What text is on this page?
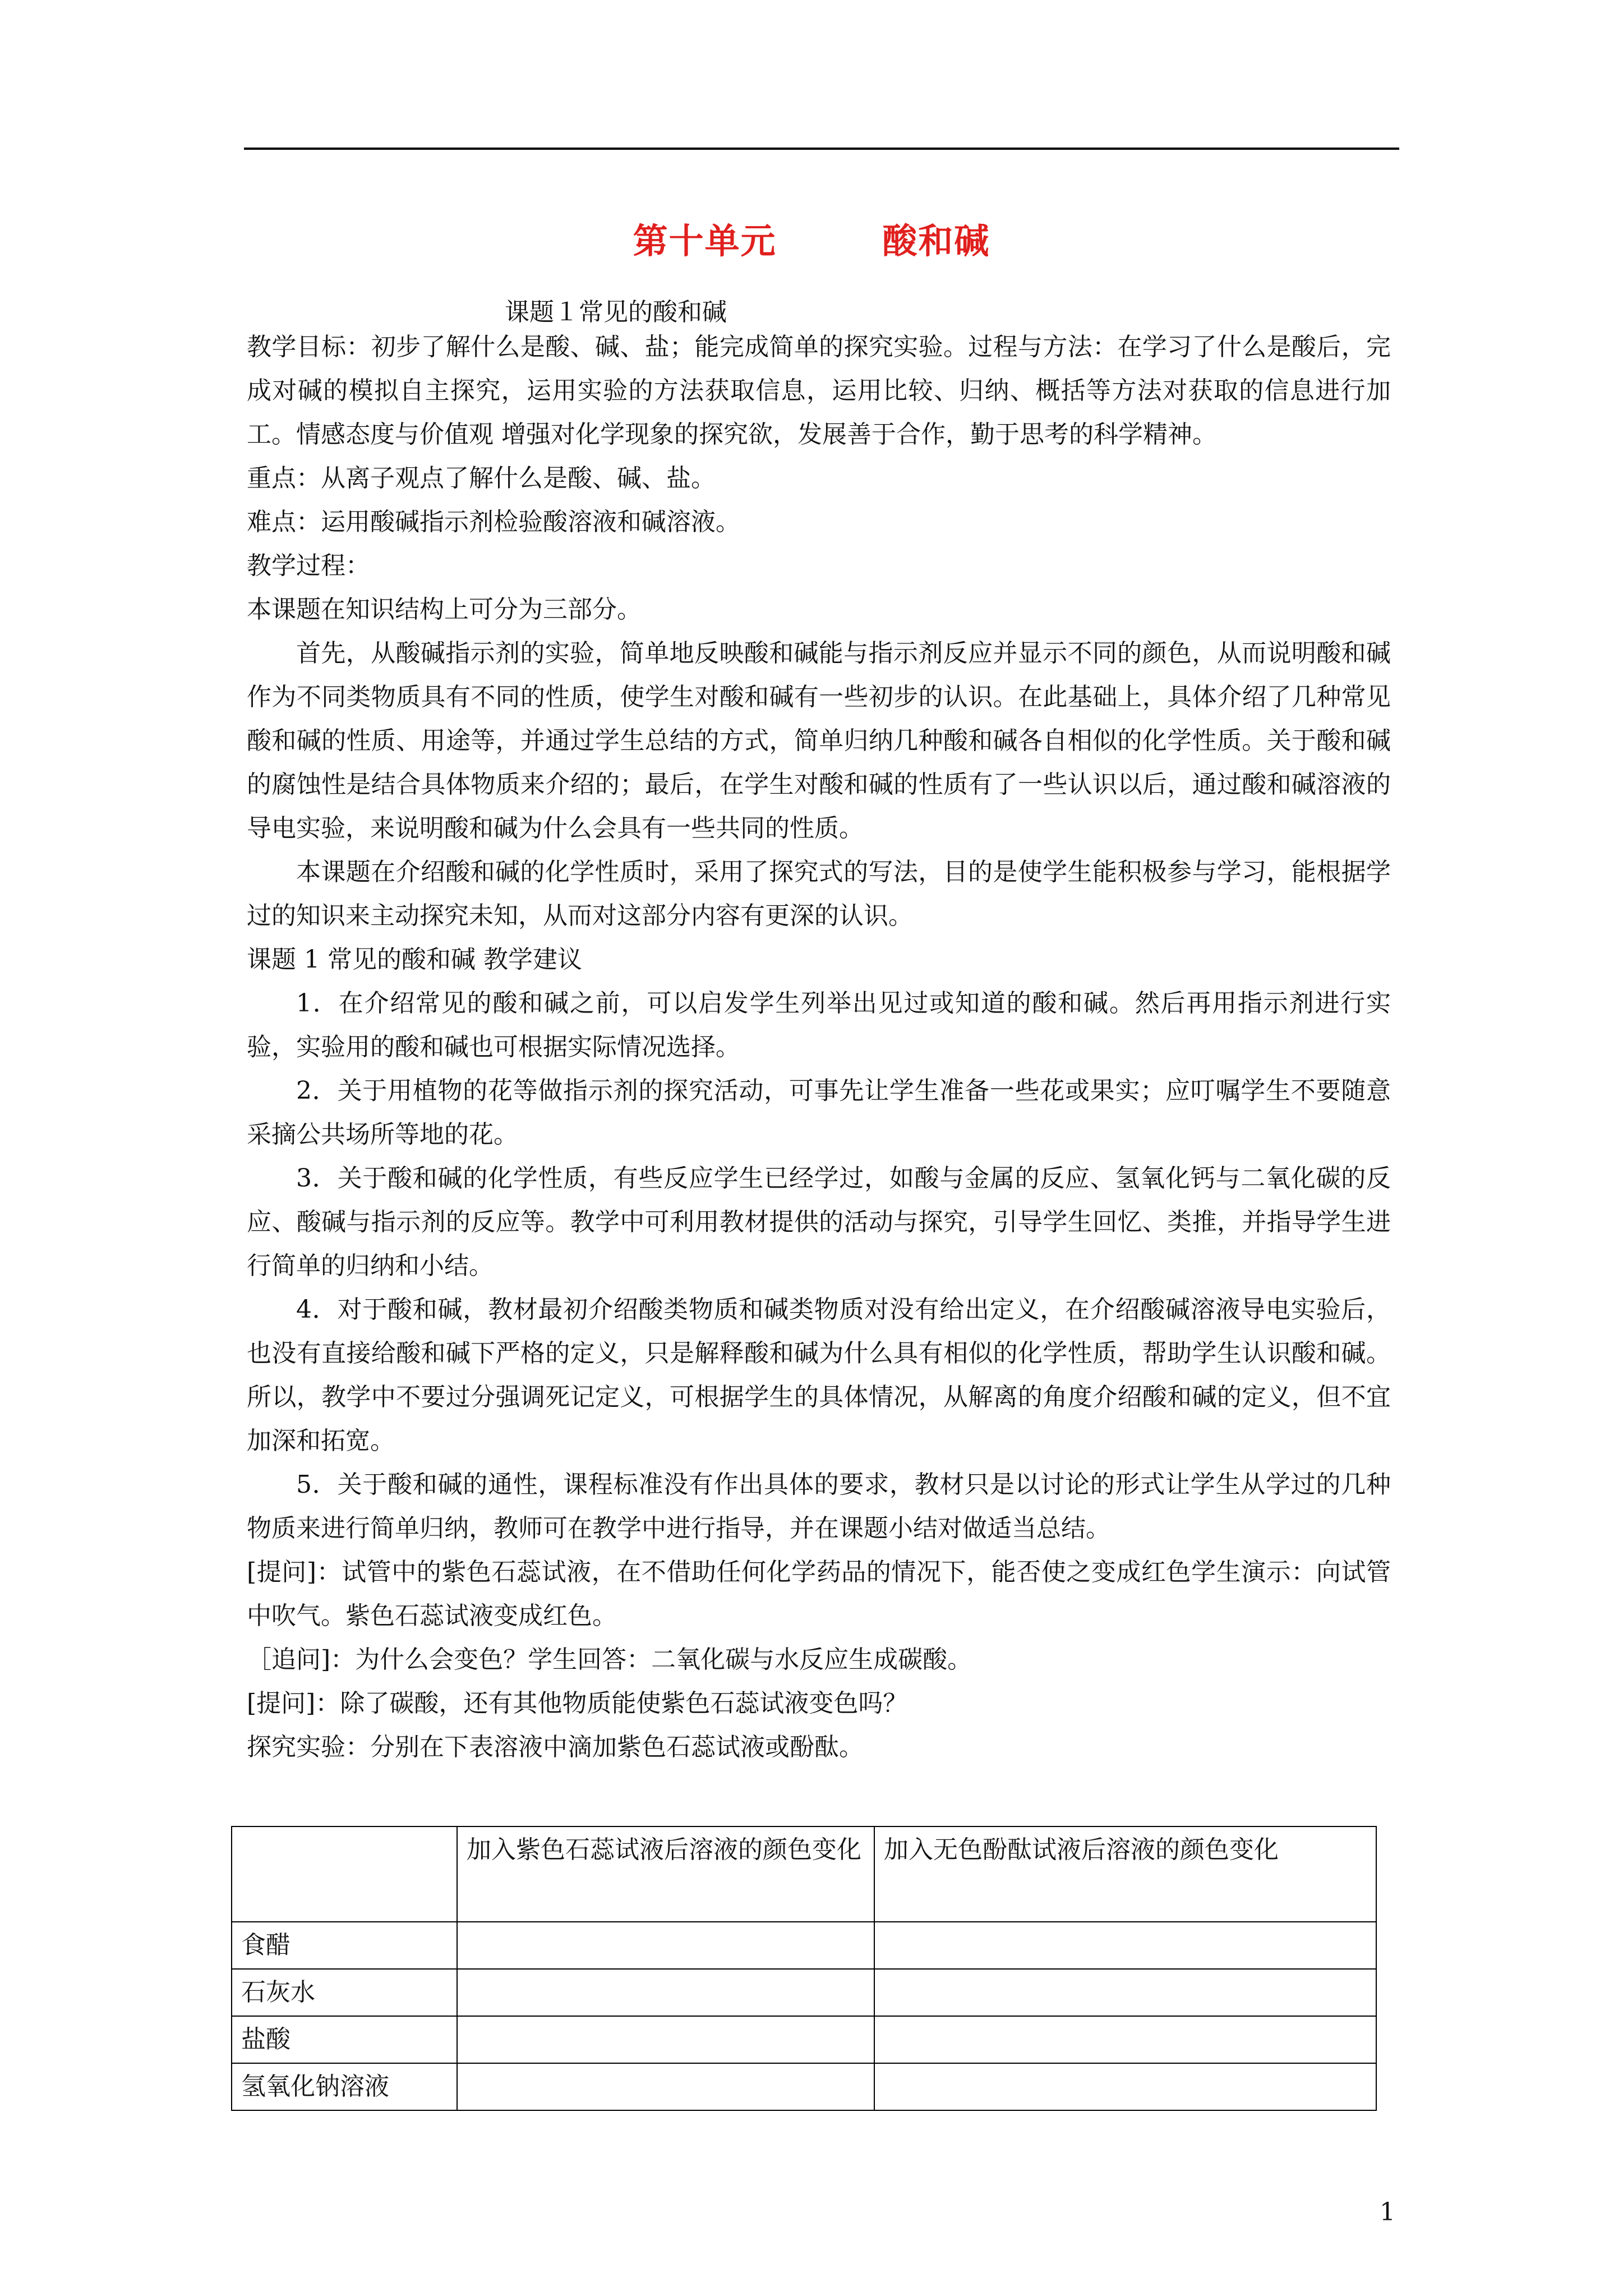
第十单元        酸和碱
课题１常见的酸和碱

教学目标：初步了解什么是酸、碱、盐；能完成简单的探究实验。过程与方法：在学习了什么是酸后，完成对碱的模拟自主探究，运用实验的方法获取信息，运用比较、归纳、概括等方法对获取的信息进行加工。情感态度与价值观 增强对化学现象的探究欲，发展善于合作，勤于思考的科学精神。

重点：从离子观点了解什么是酸、碱、盐。

难点：运用酸碱指示剂检验酸溶液和碱溶液。

教学过程：

本课题在知识结构上可分为三部分。

首先，从酸碱指示剂的实验，简单地反映酸和碱能与指示剂反应并显示不同的颜色，从而说明酸和碱作为不同类物质具有不同的性质，使学生对酸和碱有一些初步的认识。在此基础上，具体介绍了几种常见酸和碱的性质、用途等，并通过学生总结的方式，简单归纳几种酸和碱各自相似的化学性质。关于酸和碱的腐蚀性是结合具体物质来介绍的；最后，在学生对酸和碱的性质有了一些认识以后，通过酸和碱溶液的导电实验，来说明酸和碱为什么会具有一些共同的性质。

本课题在介绍酸和碱的化学性质时，采用了探究式的写法，目的是使学生能积极参与学习，能根据学过的知识来主动探究未知，从而对这部分内容有更深的认识。

课题 1 常见的酸和碱 教学建议

1．在介绍常见的酸和碱之前，可以启发学生列举出见过或知道的酸和碱。然后再用指示剂进行实验，实验用的酸和碱也可根据实际情况选择。

2．关于用植物的花等做指示剂的探究活动，可事先让学生准备一些花或果实；应叮嘱学生不要随意采摘公共场所等地的花。

3．关于酸和碱的化学性质，有些反应学生已经学过，如酸与金属的反应、氢氧化钙与二氧化碳的反应、酸碱与指示剂的反应等。教学中可利用教材提供的活动与探究，引导学生回忆、类推，并指导学生进行简单的归纳和小结。

4．对于酸和碱，教材最初介绍酸类物质和碱类物质对没有给出定义，在介绍酸碱溶液导电实验后，也没有直接给酸和碱下严格的定义，只是解释酸和碱为什么具有相似的化学性质，帮助学生认识酸和碱。所以，教学中不要过分强调死记定义，可根据学生的具体情况，从解离的角度介绍酸和碱的定义，但不宜加深和拓宽。

5．关于酸和碱的通性，课程标准没有作出具体的要求，教材只是以讨论的形式让学生从学过的几种物质来进行简单归纳，教师可在教学中进行指导，并在课题小结对做适当总结。

[提问]：试管中的紫色石蕊试液，在不借助任何化学药品的情况下，能否使之变成红色学生演示：向试管中吹气。紫色石蕊试液变成红色。

［追问]：为什么会变色？学生回答：二氧化碳与水反应生成碳酸。

[提问]：除了碳酸，还有其他物质能使紫色石蕊试液变色吗？

探究实验：分别在下表溶液中滴加紫色石蕊试液或酚酞。

	加入紫色石蕊试液后溶液的颜色变化	加入无色酚酞试液后溶液的颜色变化
食醋		
石灰水		
盐酸		
氢氧化钠溶液		
1
